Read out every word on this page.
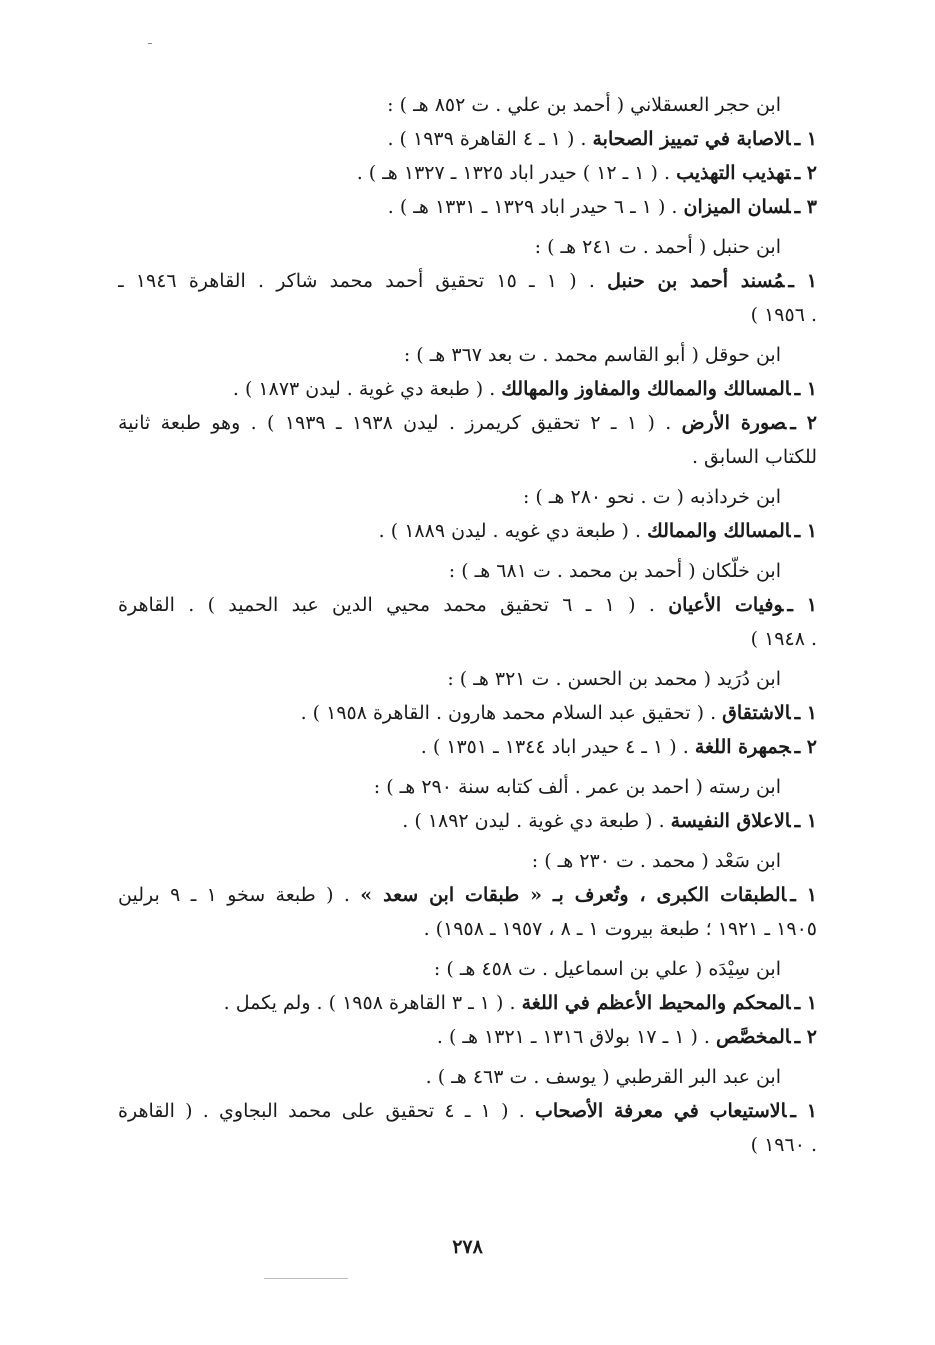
ابن حجر العسقلاني ( أحمد بن علي . ت ٨٥٢ هـ ) :
١ ـالاصابة في تمييز الصحابة . ( ١ ـ ٤ القاهرة ١٩٣٩ ) .
٢ ـتهذيب التهذيب . ( ١ ـ ١٢ ) حيدر اباد ١٣٢٥ ـ ١٣٢٧ هـ ) .
٣ ـلسان الميزان . ( ١ ـ ٦ حيدر اباد ١٣٢٩ ـ ١٣٣١ هـ ) .
ابن حنبل ( أحمد . ت ٢٤١ هـ ) :
١ ـمُسند أحمد بن حنبل . ( ١ ـ ١٥ تحقيق أحمد محمد شاكر . القاهرة ١٩٤٦ ـ
. ١٩٥٦ )
ابن حوقل ( أبو القاسم محمد . ت بعد ٣٦٧ هـ ) :
١ ـالمسالك والممالك والمفاوز والمهالك . ( طبعة دي غوية . ليدن ١٨٧٣ ) .
٢ ـصورة الأرض . ( ١ ـ ٢ تحقيق كريمرز . ليدن ١٩٣٨ ـ ١٩٣٩ ) . وهو طبعة ثانية
للكتاب السابق .
ابن خرداذبه ( ت . نحو ٢٨٠ هـ ) :
١ ـالمسالك والممالك . ( طبعة دي غويه . ليدن ١٨٨٩ ) .
ابن خلّكان ( أحمد بن محمد . ت ٦٨١ هـ ) :
١ ـوفيات الأعيان . ( ١ ـ ٦ تحقيق محمد محيي الدين عبد الحميد ) . القاهرة
. ١٩٤٨ )
ابن دُرَيد ( محمد بن الحسن . ت ٣٢١ هـ ) :
١ ـالاشتقاق . ( تحقيق عبد السلام محمد هارون . القاهرة ١٩٥٨ ) .
٢ ـجمهرة اللغة . ( ١ ـ ٤ حيدر اباد ١٣٤٤ ـ ١٣٥١ ) .
ابن رسته ( احمد بن عمر . ألف كتابه سنة ٢٩٠ هـ ) :
١ ـالاعلاق النفيسة . ( طبعة دي غوية . ليدن ١٨٩٢ ) .
ابن سَعْد ( محمد . ت ٢٣٠ هـ ) :
١ ـالطبقات الكبرى ، وتُعرف بـ « طبقات ابن سعد » . ( طبعة سخو ١ ـ ٩ برلين
١٩٠٥ ـ ١٩٢١ ؛ طبعة بيروت ١ ـ ٨ ، ١٩٥٧ ـ ١٩٥٨) .
ابن سِيْدَه ( علي بن اسماعيل . ت ٤٥٨ هـ ) :
١ ـالمحكم والمحيط الأعظم في اللغة . ( ١ ـ ٣ القاهرة ١٩٥٨ ) . ولم يكمل .
٢ ـالمخصَّص . ( ١ ـ ١٧ بولاق ١٣١٦ ـ ١٣٢١ هـ ) .
ابن عبد البر القرطبي ( يوسف . ت ٤٦٣ هـ ) .
١ ـالاستيعاب في معرفة الأصحاب . ( ١ ـ ٤ تحقيق على محمد البجاوي . ( القاهرة
. ١٩٦٠ )
٢٧٨
